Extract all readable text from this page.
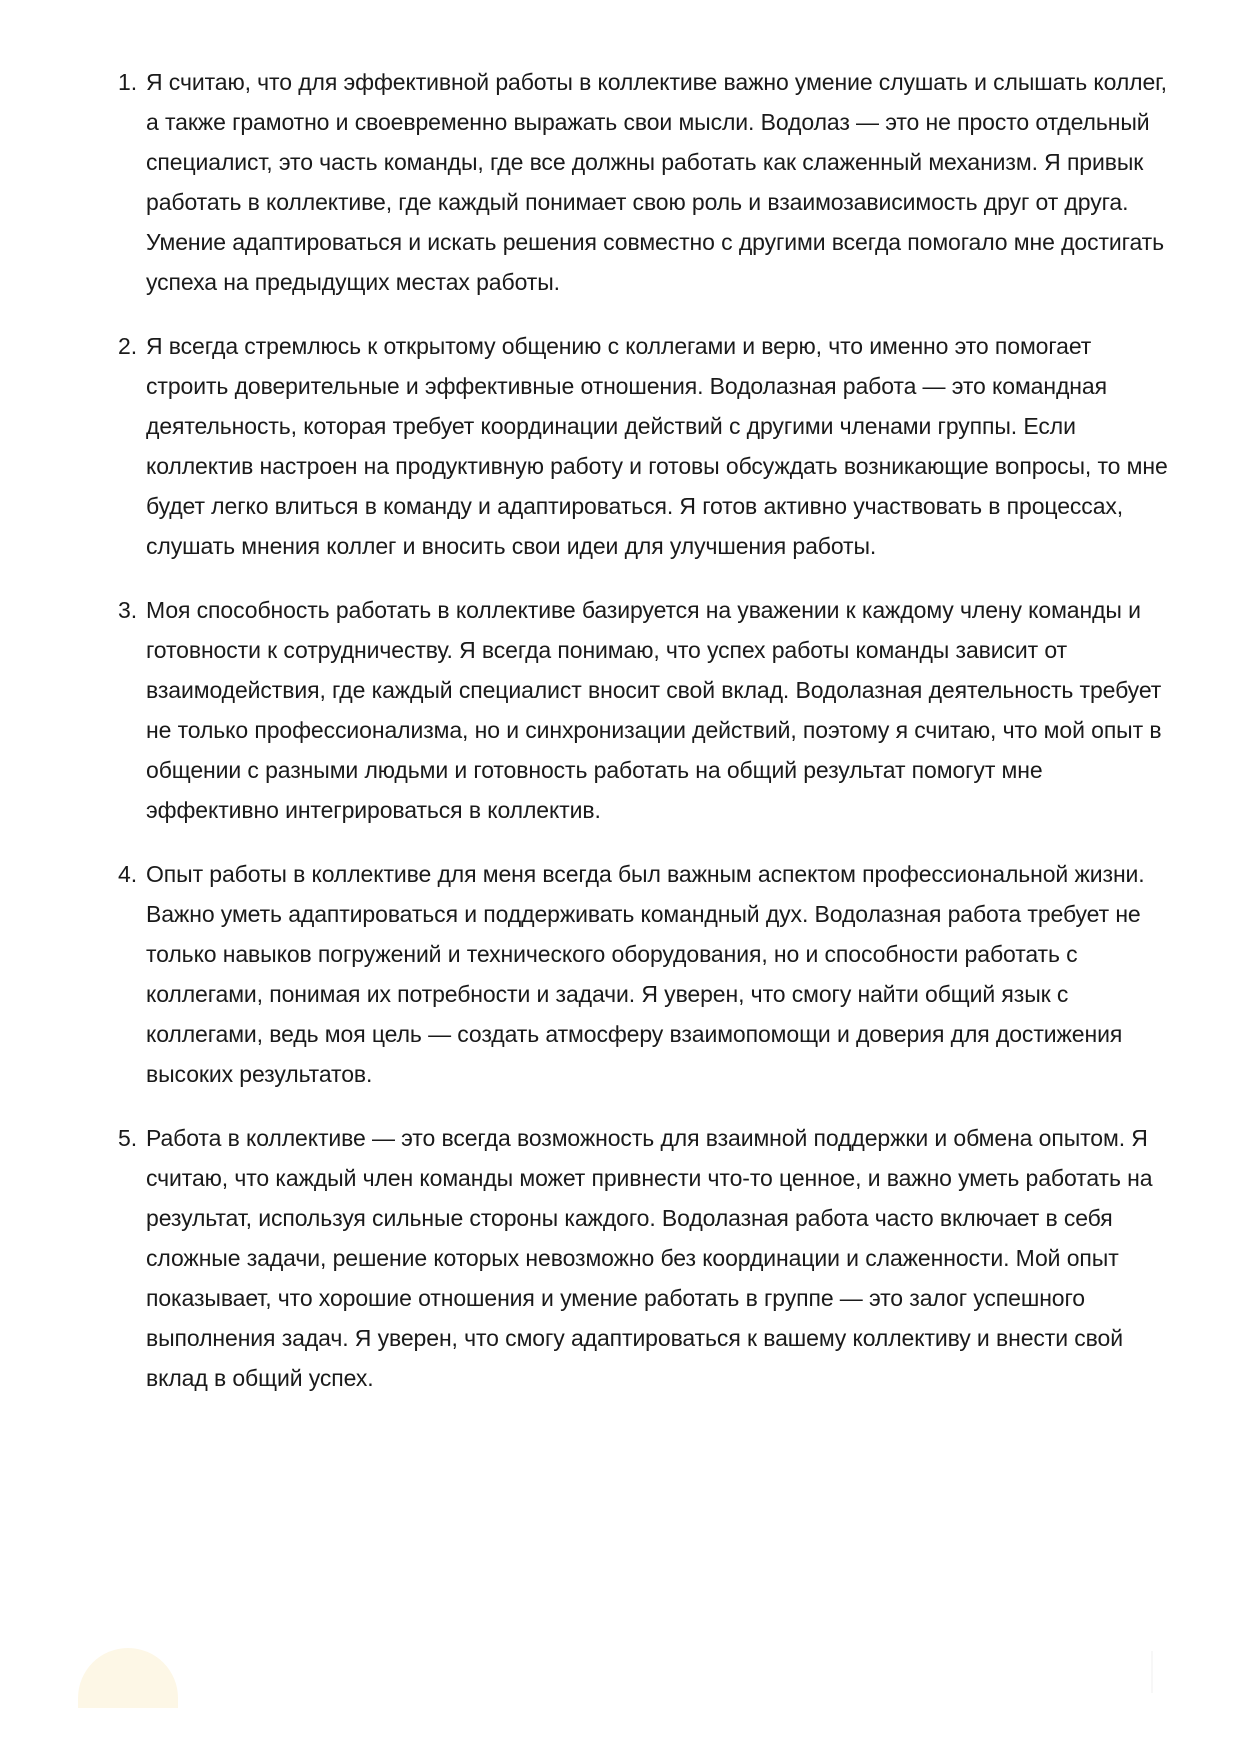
1. Я считаю, что для эффективной работы в коллективе важно умение слушать и слышать коллег, а также грамотно и своевременно выражать свои мысли. Водолаз — это не просто отдельный специалист, это часть команды, где все должны работать как слаженный механизм. Я привык работать в коллективе, где каждый понимает свою роль и взаимозависимость друг от друга. Умение адаптироваться и искать решения совместно с другими всегда помогало мне достигать успеха на предыдущих местах работы.
2. Я всегда стремлюсь к открытому общению с коллегами и верю, что именно это помогает строить доверительные и эффективные отношения. Водолазная работа — это командная деятельность, которая требует координации действий с другими членами группы. Если коллектив настроен на продуктивную работу и готовы обсуждать возникающие вопросы, то мне будет легко влиться в команду и адаптироваться. Я готов активно участвовать в процессах, слушать мнения коллег и вносить свои идеи для улучшения работы.
3. Моя способность работать в коллективе базируется на уважении к каждому члену команды и готовности к сотрудничеству. Я всегда понимаю, что успех работы команды зависит от взаимодействия, где каждый специалист вносит свой вклад. Водолазная деятельность требует не только профессионализма, но и синхронизации действий, поэтому я считаю, что мой опыт в общении с разными людьми и готовность работать на общий результат помогут мне эффективно интегрироваться в коллектив.
4. Опыт работы в коллективе для меня всегда был важным аспектом профессиональной жизни. Важно уметь адаптироваться и поддерживать командный дух. Водолазная работа требует не только навыков погружений и технического оборудования, но и способности работать с коллегами, понимая их потребности и задачи. Я уверен, что смогу найти общий язык с коллегами, ведь моя цель — создать атмосферу взаимопомощи и доверия для достижения высоких результатов.
5. Работа в коллективе — это всегда возможность для взаимной поддержки и обмена опытом. Я считаю, что каждый член команды может привнести что-то ценное, и важно уметь работать на результат, используя сильные стороны каждого. Водолазная работа часто включает в себя сложные задачи, решение которых невозможно без координации и слаженности. Мой опыт показывает, что хорошие отношения и умение работать в группе — это залог успешного выполнения задач. Я уверен, что смогу адаптироваться к вашему коллективу и внести свой вклад в общий успех.
